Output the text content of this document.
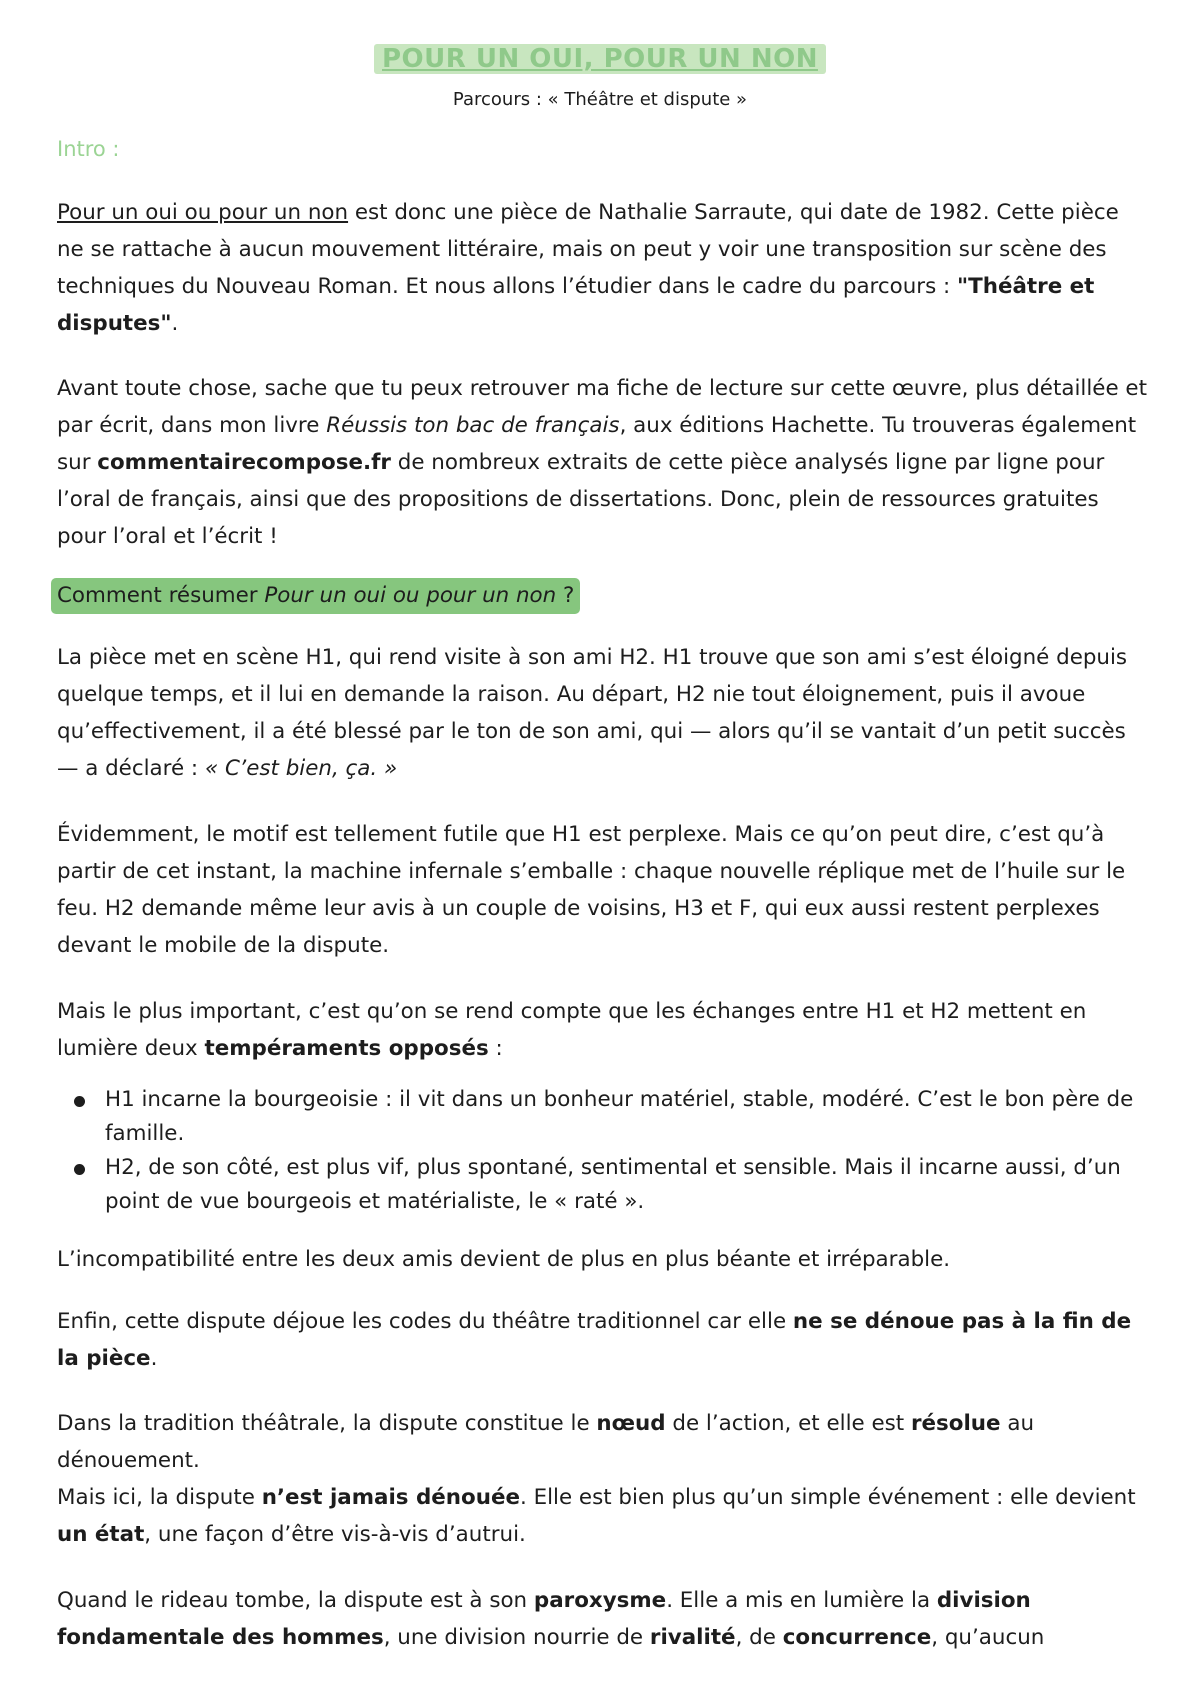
POUR UN OUI, POUR UN NON
Parcours : « Théâtre et dispute »
Intro :

Pour un oui ou pour un non est donc une pièce de Nathalie Sarraute, qui date de 1982. Cette pièce ne se rattache à aucun mouvement littéraire, mais on peut y voir une transposition sur scène des techniques du Nouveau Roman. Et nous allons l’étudier dans le cadre du parcours : "Théâtre et disputes".

Avant toute chose, sache que tu peux retrouver ma fiche de lecture sur cette œuvre, plus détaillée et par écrit, dans mon livre Réussis ton bac de français, aux éditions Hachette. Tu trouveras également sur commentairecompose.fr de nombreux extraits de cette pièce analysés ligne par ligne pour l’oral de français, ainsi que des propositions de dissertations. Donc, plein de ressources gratuites pour l’oral et l’écrit !

Comment résumer Pour un oui ou pour un non ?

La pièce met en scène H1, qui rend visite à son ami H2. H1 trouve que son ami s’est éloigné depuis quelque temps, et il lui en demande la raison. Au départ, H2 nie tout éloignement, puis il avoue qu’effectivement, il a été blessé par le ton de son ami, qui — alors qu’il se vantait d’un petit succès — a déclaré : « C’est bien, ça. »

Évidemment, le motif est tellement futile que H1 est perplexe. Mais ce qu’on peut dire, c’est qu’à partir de cet instant, la machine infernale s’emballe : chaque nouvelle réplique met de l’huile sur le feu. H2 demande même leur avis à un couple de voisins, H3 et F, qui eux aussi restent perplexes devant le mobile de la dispute.

Mais le plus important, c’est qu’on se rend compte que les échanges entre H1 et H2 mettent en lumière deux tempéraments opposés :

H1 incarne la bourgeoisie : il vit dans un bonheur matériel, stable, modéré. C’est le bon père de famille.
H2, de son côté, est plus vif, plus spontané, sentimental et sensible. Mais il incarne aussi, d’un point de vue bourgeois et matérialiste, le « raté ».

L’incompatibilité entre les deux amis devient de plus en plus béante et irréparable.

Enfin, cette dispute déjoue les codes du théâtre traditionnel car elle ne se dénoue pas à la fin de la pièce.

Dans la tradition théâtrale, la dispute constitue le nœud de l’action, et elle est résolue au dénouement.
Mais ici, la dispute n’est jamais dénouée. Elle est bien plus qu’un simple événement : elle devient un état, une façon d’être vis-à-vis d’autrui.

Quand le rideau tombe, la dispute est à son paroxysme. Elle a mis en lumière la division fondamentale des hommes, une division nourrie de rivalité, de concurrence, qu’aucun
